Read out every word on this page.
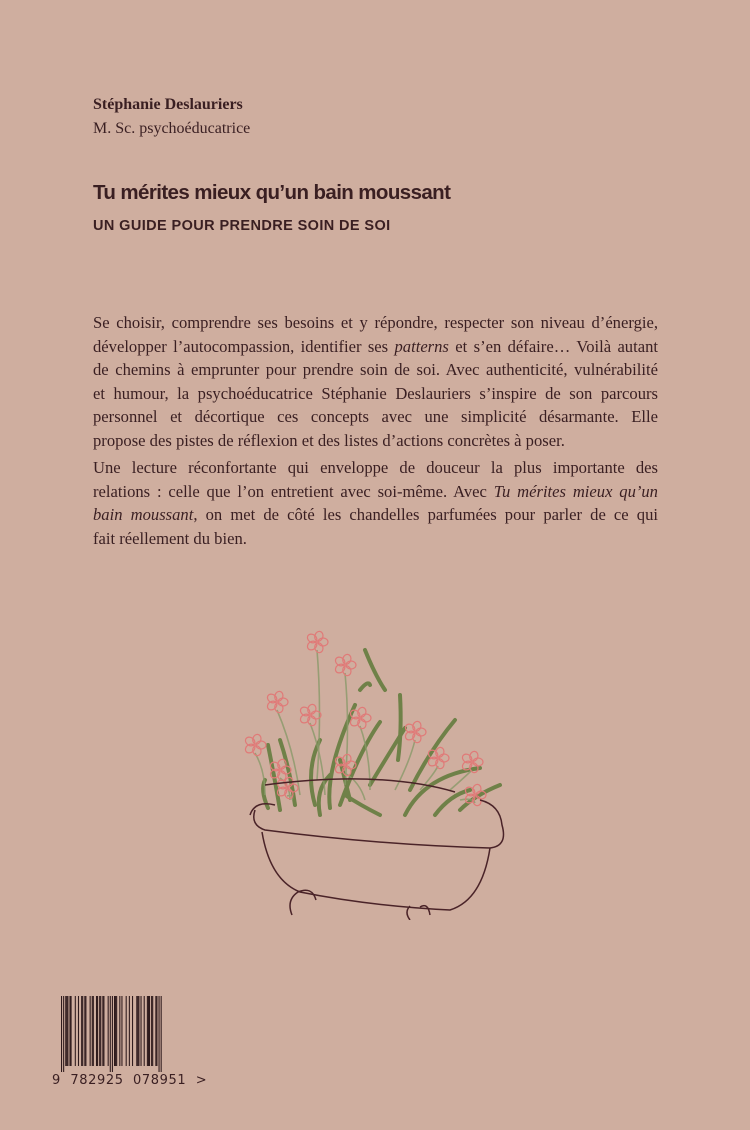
Stéphanie Deslauriers
M. Sc. psychoéducatrice
Tu mérites mieux qu’un bain moussant
UN GUIDE POUR PRENDRE SOIN DE SOI
Se choisir, comprendre ses besoins et y répondre, respecter son niveau d’énergie,
développer l’autocompassion, identifier ses patterns et s’en défaire… Voilà autant
de chemins à emprunter pour prendre soin de soi. Avec authenticité, vulnérabilité
et humour, la psychoéducatrice Stéphanie Deslauriers s’inspire de son parcours
personnel et décortique ces concepts avec une simplicité désarmante. Elle
propose des pistes de réflexion et des listes d’actions concrètes à poser.
Une lecture réconfortante qui enveloppe de douceur la plus importante des
relations : celle que l’on entretient avec soi-même. Avec Tu mérites mieux qu’un
bain moussant, on met de côté les chandelles parfumées pour parler de ce qui
fait réellement du bien.
9  782925  078951  >
